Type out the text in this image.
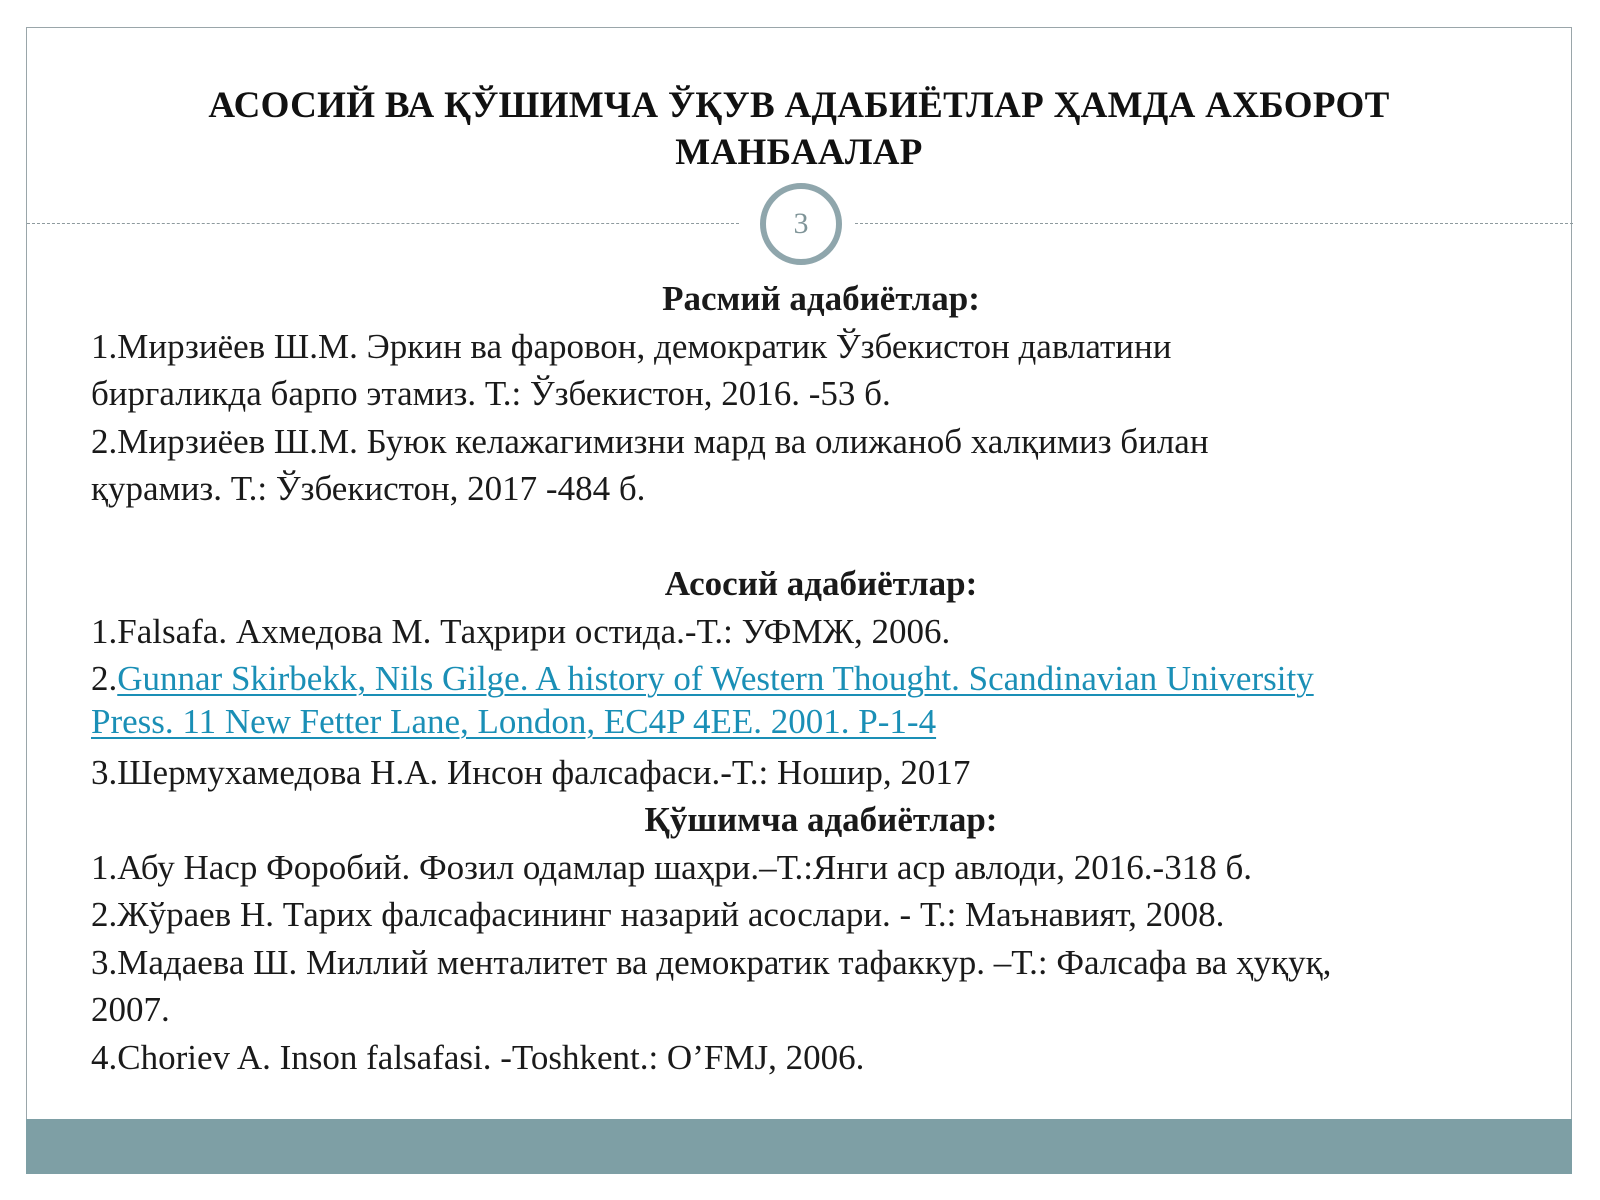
АСОСИЙ ВА ҚЎШИМЧА ЎҚУВ АДАБИЁТЛАР ҲАМДА АХБОРОТ
МАНБААЛАР
3
Расмий адабиётлар:
1.Мирзиёев Ш.М. Эркин ва фаровон, демократик Ўзбекистон давлатини
биргаликда барпо этамиз. Т.: Ўзбекистон, 2016. -53 б.
2.Мирзиёев Ш.М. Буюк келажагимизни мард ва олижаноб халқимиз билан
қурамиз. Т.: Ўзбекистон, 2017 -484 б.
Асосий адабиётлар:
1.Falsafa. Ахмедова М. Таҳрири остида.-Т.: УФМЖ, 2006.
2.Gunnar Skirbekk, Nils Gilge. A history of Western Thought. Scandinavian University
Press. 11 New Fetter Lane, London, EC4P 4EE. 2001. P-1-4
3.Шермухамедова Н.А. Инсон фалсафаси.-Т.: Ношир, 2017
Қўшимча адабиётлар:
1.Абу Наср Форобий. Фозил одамлар шаҳри.–Т.:Янги аср авлоди, 2016.-318 б.
2.Жўраев Н. Тарих фалсафасининг назарий асослари. - Т.: Маънавият, 2008.
3.Мадаева Ш. Миллий менталитет ва демократик тафаккур. –Т.: Фалсафа ва ҳуқуқ,
2007.
4.Choriev A. Inson falsafasi. -Toshkent.: O’FMJ, 2006.
